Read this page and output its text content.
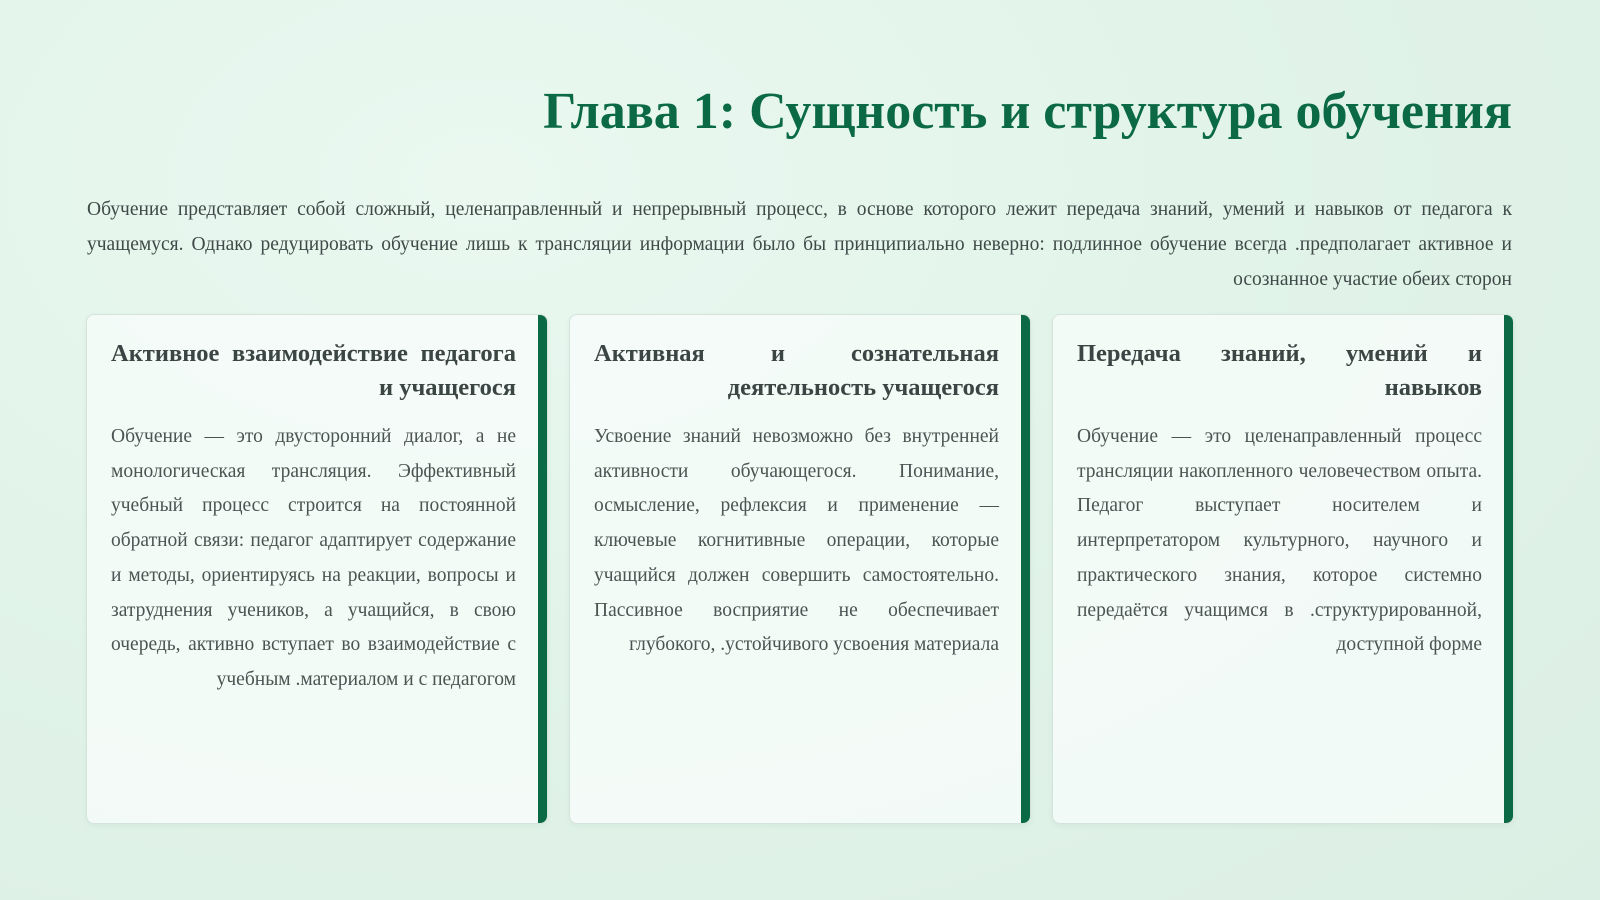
Глава 1: Сущность и структура обучения

Обучение представляет собой сложный, целенаправленный и непрерывный процесс, в основе которого лежит передача знаний, умений и навыков от педагога к учащемуся. Однако редуцировать обучение лишь к трансляции информации было бы принципиально неверно: подлинное обучение всегда .предполагает активное и осознанное участие обеих сторон

Активное взаимодействие педагога и учащегося

Обучение — это двусторонний диалог, а не монологическая трансляция. Эффективный учебный процесс строится на постоянной обратной связи: педагог адаптирует содержание и методы, ориентируясь на реакции, вопросы и затруднения учеников, а учащийся, в свою очередь, активно вступает во взаимодействие с учебным .материалом и с педагогом

Активная и сознательная деятельность учащегося

Усвоение знаний невозможно без внутренней активности обучающегося. Понимание, осмысление, рефлексия и применение — ключевые когнитивные операции, которые учащийся должен совершить самостоятельно. Пассивное восприятие не обеспечивает глубокого, .устойчивого усвоения материала

Передача знаний, умений и навыков

Обучение — это целенаправленный процесс трансляции накопленного человечеством опыта. Педагог выступает носителем и интерпретатором культурного, научного и практического знания, которое системно передаётся учащимся в .структурированной, доступной форме
